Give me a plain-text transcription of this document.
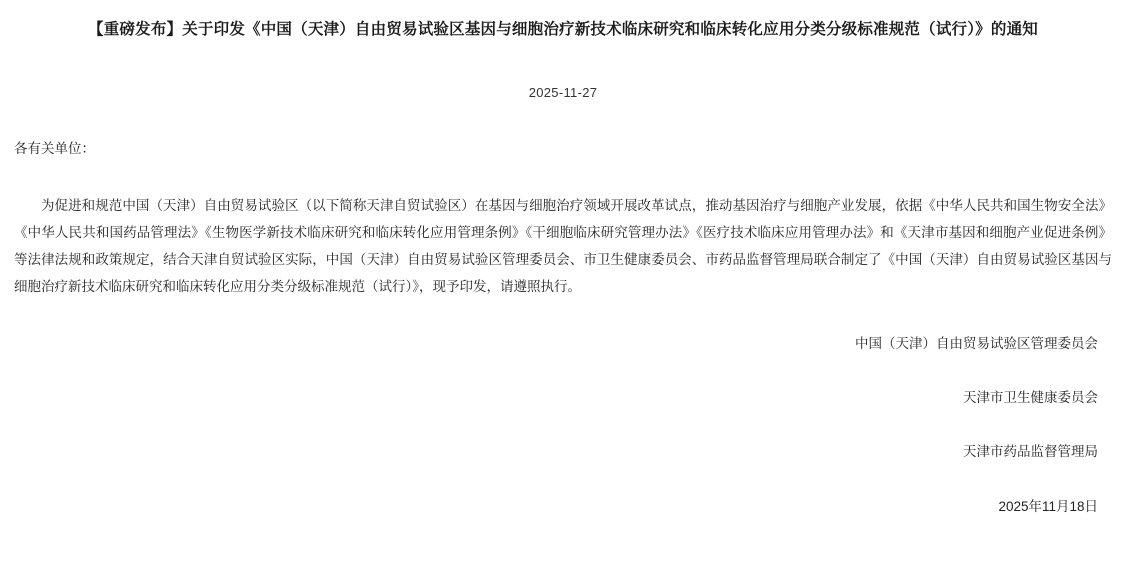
【重磅发布】关于印发《中国（天津）自由贸易试验区基因与细胞治疗新技术临床研究和临床转化应用分类分级标准规范（试行）》的通知
2025-11-27

各有关单位：

为促进和规范中国（天津）自由贸易试验区（以下简称天津自贸试验区）在基因与细胞治疗领域开展改革试点，推动基因治疗与细胞产业发展，依据《中华人民共和国生物安全法》《中华人民共和国药品管理法》《生物医学新技术临床研究和临床转化应用管理条例》《干细胞临床研究管理办法》《医疗技术临床应用管理办法》和《天津市基因和细胞产业促进条例》等法律法规和政策规定，结合天津自贸试验区实际，中国（天津）自由贸易试验区管理委员会、市卫生健康委员会、市药品监督管理局联合制定了《中国（天津）自由贸易试验区基因与细胞治疗新技术临床研究和临床转化应用分类分级标准规范（试行）》，现予印发，请遵照执行。

中国（天津）自由贸易试验区管理委员会

天津市卫生健康委员会

天津市药品监督管理局

2025年11月18日
